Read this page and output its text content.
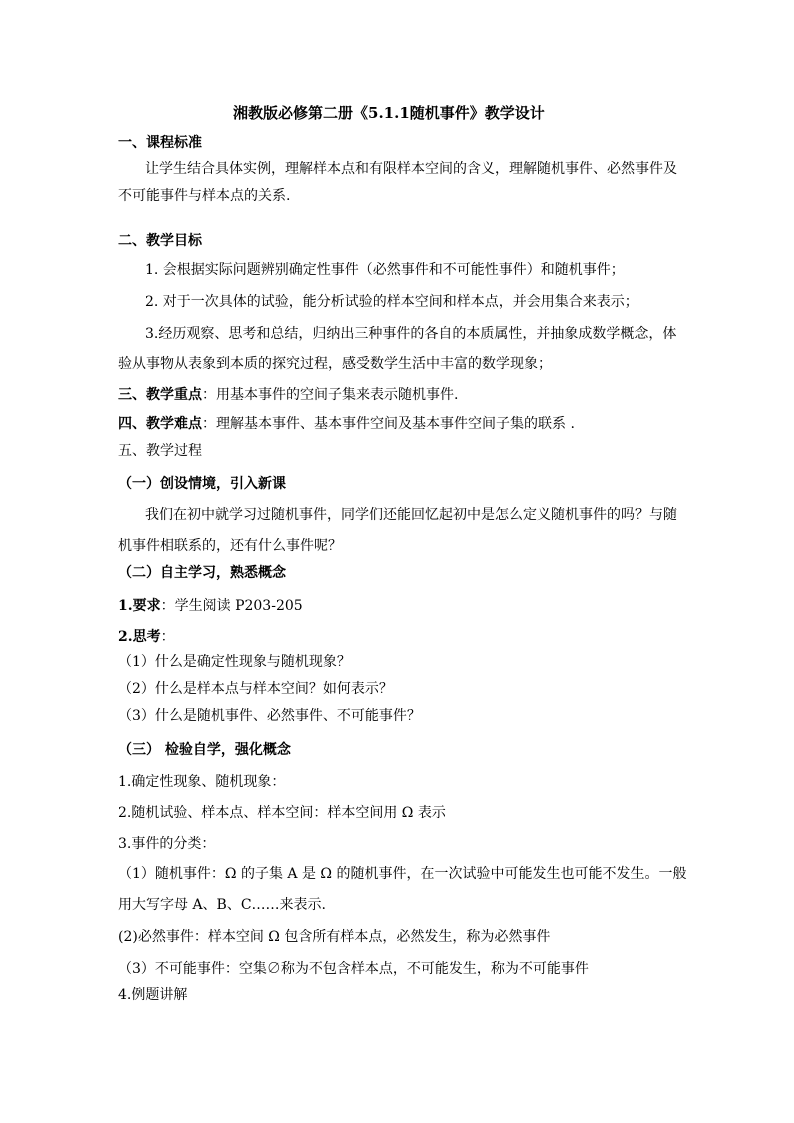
湘教版必修第二册《5.1.1随机事件》教学设计
一、课程标准
让学生结合具体实例，理解样本点和有限样本空间的含义，理解随机事件、必然事件及
不可能事件与样本点的关系.
二、教学目标
1. 会根据实际问题辨别确定性事件（必然事件和不可能性事件）和随机事件；
2. 对于一次具体的试验，能分析试验的样本空间和样本点，并会用集合来表示；
3.经历观察、思考和总结，归纳出三种事件的各自的本质属性，并抽象成数学概念，体
验从事物从表象到本质的探究过程，感受数学生活中丰富的数学现象；
三、教学重点：用基本事件的空间子集来表示随机事件.
四、教学难点：理解基本事件、基本事件空间及基本事件空间子集的联系 .
五、教学过程
（一）创设情境，引入新课
我们在初中就学习过随机事件，同学们还能回忆起初中是怎么定义随机事件的吗？与随
机事件相联系的，还有什么事件呢？
（二）自主学习，熟悉概念
1.要求：学生阅读 P203-205
2.思考：
（1）什么是确定性现象与随机现象？
（2）什么是样本点与样本空间？如何表示？
（3）什么是随机事件、必然事件、不可能事件？
（三） 检验自学，强化概念
1.确定性现象、随机现象：
2.随机试验、样本点、样本空间：样本空间用 Ω 表示
3.事件的分类：
（1）随机事件：Ω 的子集 A 是 Ω 的随机事件，在一次试验中可能发生也可能不发生。一般
用大写字母 A、B、C……来表示.
(2)必然事件：样本空间 Ω 包含所有样本点，必然发生，称为必然事件
（3）不可能事件：空集∅称为不包含样本点，不可能发生，称为不可能事件
4.例题讲解
